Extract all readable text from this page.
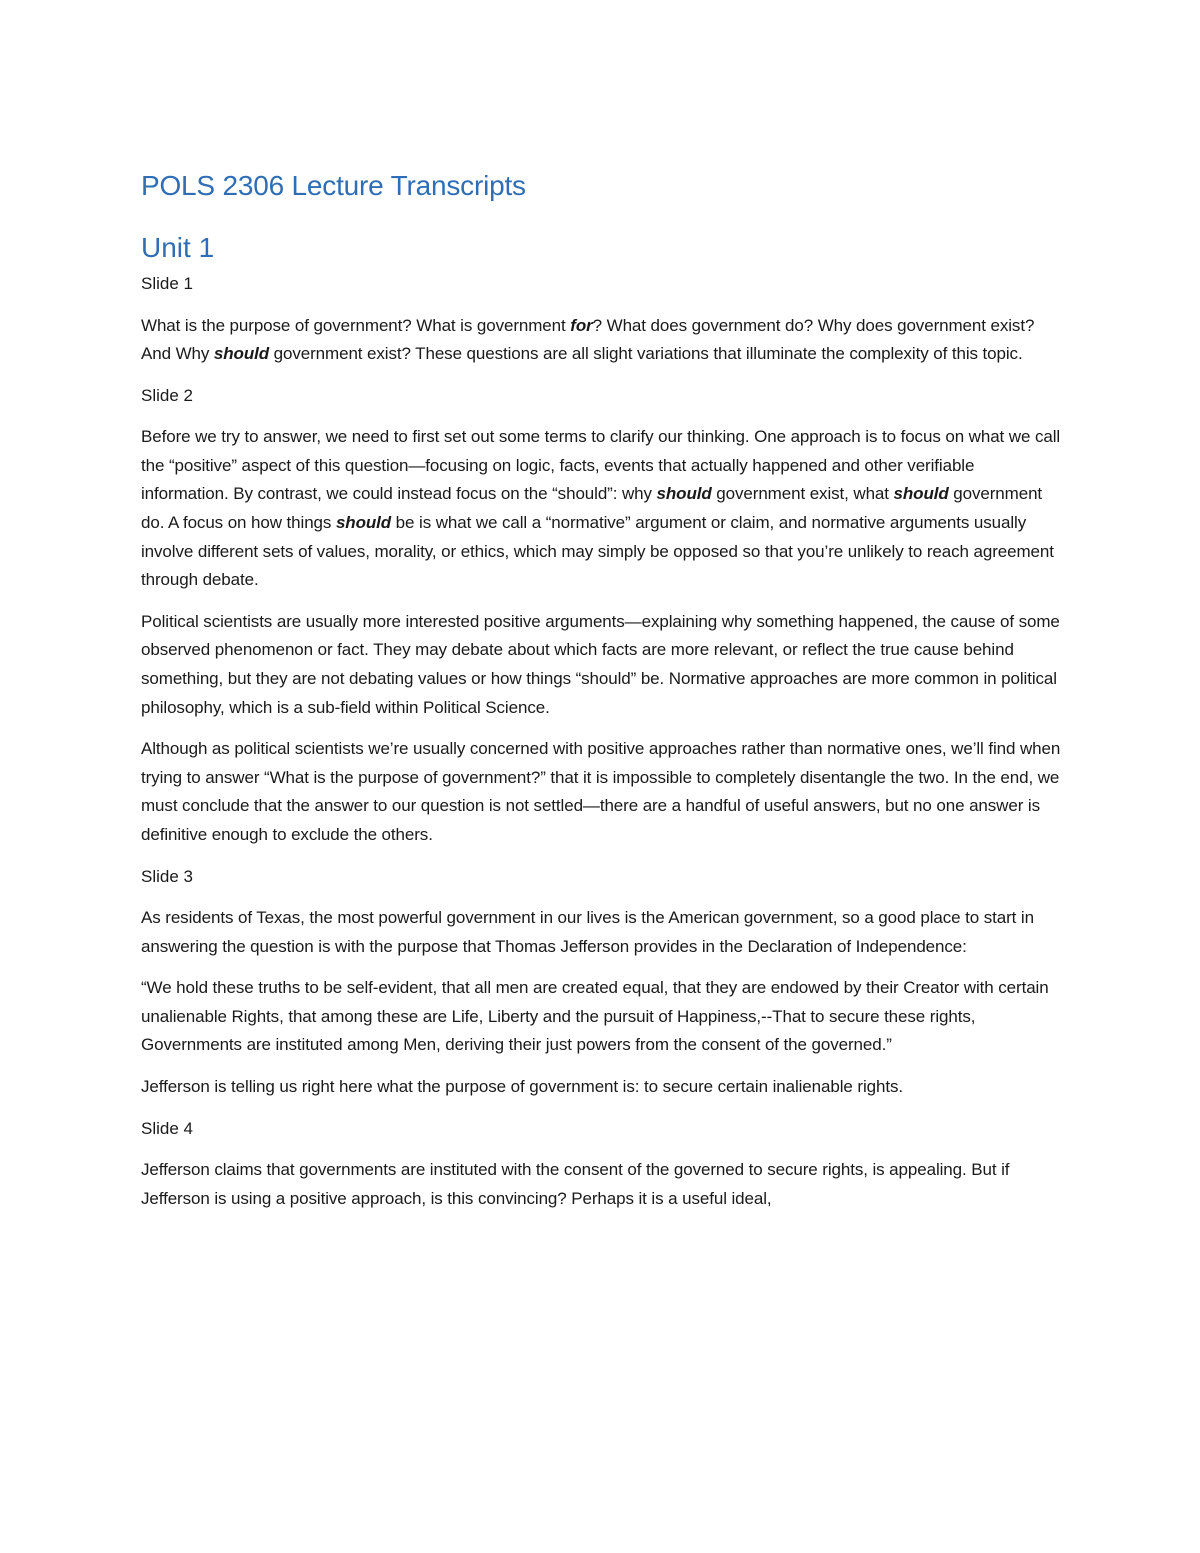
POLS 2306 Lecture Transcripts
Unit 1
Slide 1

What is the purpose of government? What is government for? What does government do? Why does government exist? And Why should government exist? These questions are all slight variations that illuminate the complexity of this topic.

Slide 2

Before we try to answer, we need to first set out some terms to clarify our thinking. One approach is to focus on what we call the “positive” aspect of this question—focusing on logic, facts, events that actually happened and other verifiable information. By contrast, we could instead focus on the “should”: why should government exist, what should government do. A focus on how things should be is what we call a “normative” argument or claim, and normative arguments usually involve different sets of values, morality, or ethics, which may simply be opposed so that you’re unlikely to reach agreement through debate.

Political scientists are usually more interested positive arguments—explaining why something happened, the cause of some observed phenomenon or fact. They may debate about which facts are more relevant, or reflect the true cause behind something, but they are not debating values or how things “should” be. Normative approaches are more common in political philosophy, which is a sub-field within Political Science.

Although as political scientists we’re usually concerned with positive approaches rather than normative ones, we’ll find when trying to answer “What is the purpose of government?” that it is impossible to completely disentangle the two. In the end, we must conclude that the answer to our question is not settled—there are a handful of useful answers, but no one answer is definitive enough to exclude the others.

Slide 3

As residents of Texas, the most powerful government in our lives is the American government, so a good place to start in answering the question is with the purpose that Thomas Jefferson provides in the Declaration of Independence:

“We hold these truths to be self-evident, that all men are created equal, that they are endowed by their Creator with certain unalienable Rights, that among these are Life, Liberty and the pursuit of Happiness,--That to secure these rights, Governments are instituted among Men, deriving their just powers from the consent of the governed.”

Jefferson is telling us right here what the purpose of government is: to secure certain inalienable rights.

Slide 4

Jefferson claims that governments are instituted with the consent of the governed to secure rights, is appealing. But if Jefferson is using a positive approach, is this convincing? Perhaps it is a useful ideal,
